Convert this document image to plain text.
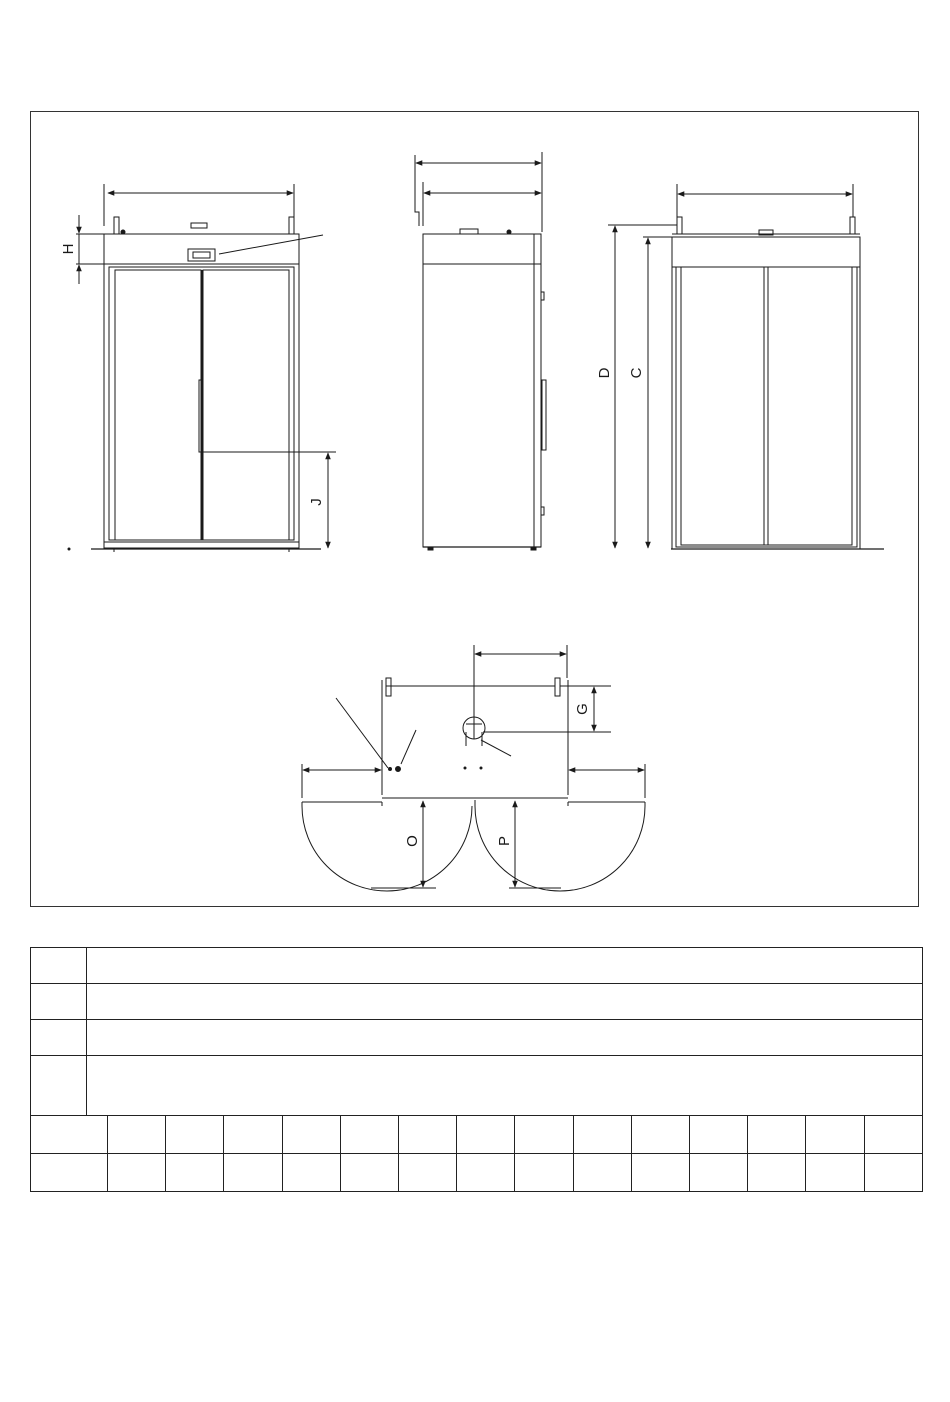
H
J
D C
G
O	P
